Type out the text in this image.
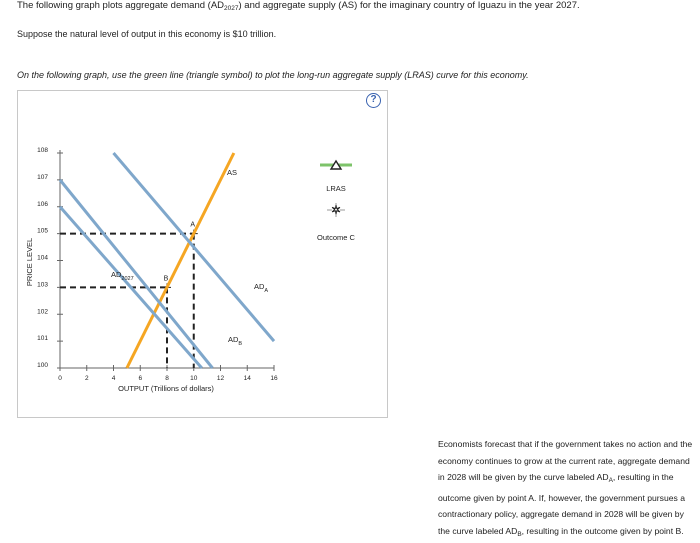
The following graph plots aggregate demand $(AD_{2027})$ and aggregate supply (AS) for the imaginary country of Iguazu in the year 2027.
Suppose the natural level of output in this economy is $10 trillion.
On the following graph, use the green line (triangle symbol) to plot the long-run aggregate supply (LRAS) curve for this economy.
?
100
101
102
103
104
105
106
107
108
0	2	4	6	8	10	12	14	16
A
B
AS
$AD_{2027}$
$AD_A$
$AD_B$
PRICE LEVEL
OUTPUT (Trillions of dollars)
LRAS
✶
Outcome C

Economists forecast that if the government takes no action and the economy continues to grow at the current rate, aggregate demand in 2028 will be given by the curve labeled $AD_A$, resulting in the outcome given by point A. If, however, the government pursues a contractionary policy, aggregate demand in 2028 will be given by the curve labeled $AD_B$, resulting in the outcome given by point B.
